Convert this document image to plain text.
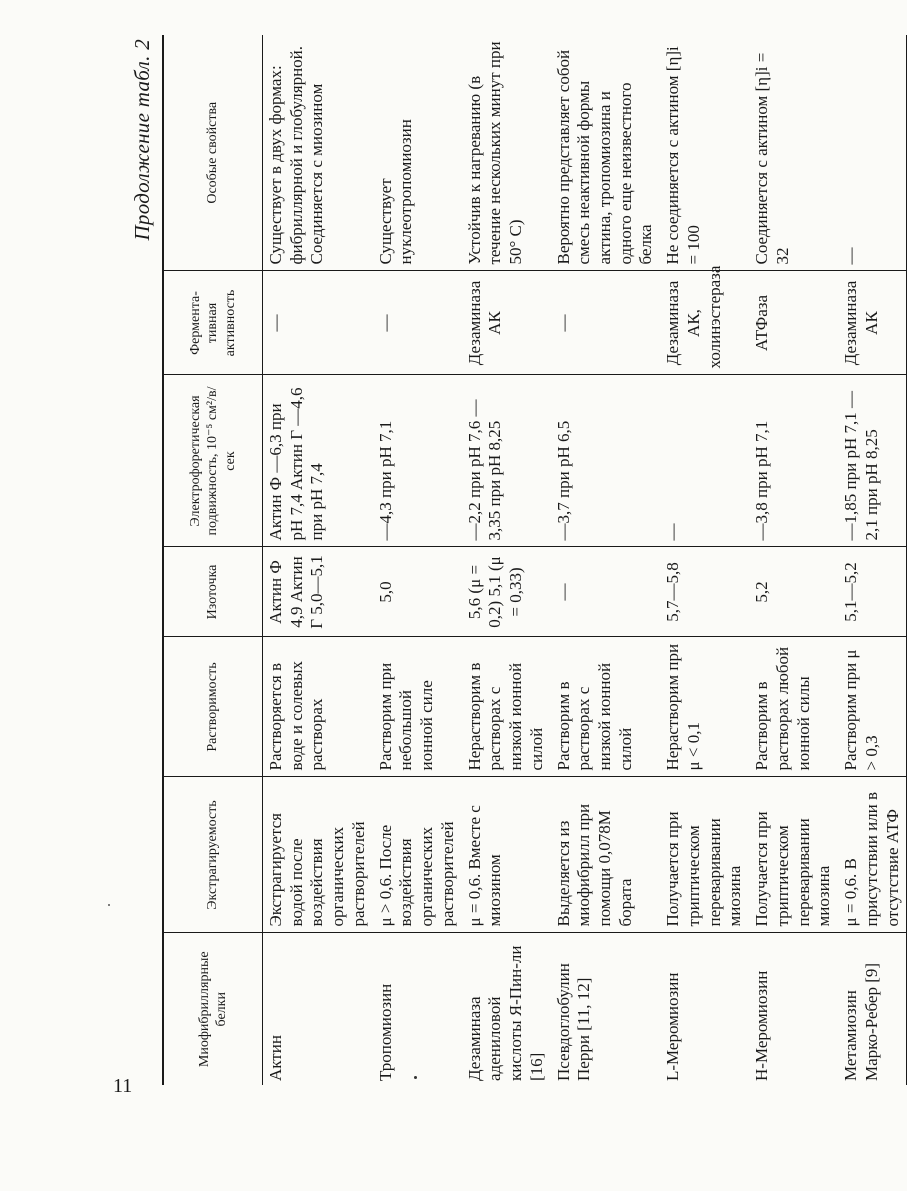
Продолжение табл. 2
Миофибриллярные белки	Экстрагируемость	Растворимость	Изоточка	Электрофоретическая подвижность, 10⁻⁵ см²/в/сек	Фермента-тивная активность	Особые свойства
Актин	Экстрагируется водой после воздействия органических растворителей	Растворяется в воде и солевых растворах	Актин Ф 4,9 Актин Г 5,0—5,1	Актин Ф —6,3 при pH 7,4 Актин Г —4,6 при pH 7,4	—	Существует в двух формах: фибриллярной и глобулярной. Соединяется с миозином
Тропомиозин	μ > 0,6. После воздействия органических растворителей	Растворим при небольшой ионной силе	5,0	—4,3 при pH 7,1	—	Существует нуклеотропомиозин
Дезаминаза адениловой кислоты Я-Пин-ли [16]	μ = 0,6. Вместе с миозином	Нерастворим в растворах с низкой ионной силой	5,6 (μ = 0,2) 5,1 (μ = 0,33)	—2,2 при pH 7,6 —3,35 при pH 8,25	Дезаминаза АК	Устойчив к нагреванию (в течение нескольких минут при 50° С)
Псевдоглобулин Перри [11, 12]	Выделяется из миофибрилл при помощи 0,078М бората	Растворим в растворах с низкой ионной силой	—	—3,7 при pH 6,5	—	Вероятно представляет собой смесь неактивной формы актина, тропомиозина и одного еще неизвестного белка
L-Меромиозин	Получается при триптическом переваривании миозина	Нерастворим при μ < 0,1	5,7—5,8	—	Дезаминаза АК, холинэстераза	Не соединяется с актином [η]i = 100
Н-Меромиозин	Получается при триптическом переваривании миозина	Растворим в растворах любой ионной силы	5,2	—3,8 при pH 7,1	АТФаза	Соединяется с актином [η]i = 32
Метамиозин Марко-Ребер [9]	μ = 0,6. В присутствии или в отсутствие АТФ	Растворим при μ > 0,3	5,1—5,2	—1,85 при pH 7,1 —2,1 при pH 8,25	Дезаминаза АК	—
11
